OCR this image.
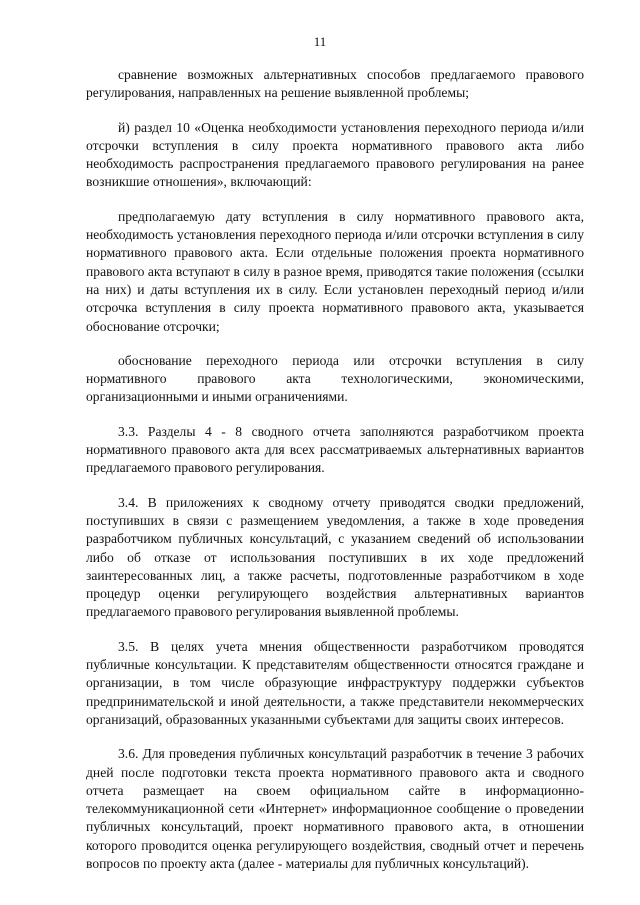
11

сравнение возможных альтернативных способов предлагаемого правового регулирования, направленных на решение выявленной проблемы;

й) раздел 10 «Оценка необходимости установления переходного периода и/или отсрочки вступления в силу проекта нормативного правового акта либо необходимость распространения предлагаемого правового регулирования на ранее возникшие отношения», включающий:

предполагаемую дату вступления в силу нормативного правового акта, необходимость установления переходного периода и/или отсрочки вступления в силу нормативного правового акта. Если отдельные положения проекта нормативного правового акта вступают в силу в разное время, приводятся такие положения (ссылки на них) и даты вступления их в силу. Если установлен переходный период и/или отсрочка вступления в силу проекта нормативного правового акта, указывается обоснование отсрочки;

обоснование переходного периода или отсрочки вступления в силу нормативного правового акта технологическими, экономическими, организационными и иными ограничениями.

3.3. Разделы 4 - 8 сводного отчета заполняются разработчиком проекта нормативного правового акта для всех рассматриваемых альтернативных вариантов предлагаемого правового регулирования.

3.4. В приложениях к сводному отчету приводятся сводки предложений, поступивших в связи с размещением уведомления, а также в ходе проведения разработчиком публичных консультаций, с указанием сведений об использовании либо об отказе от использования поступивших в их ходе предложений заинтересованных лиц, а также расчеты, подготовленные разработчиком в ходе процедур оценки регулирующего воздействия альтернативных вариантов предлагаемого правового регулирования выявленной проблемы.

3.5. В целях учета мнения общественности разработчиком проводятся публичные консультации. К представителям общественности относятся граждане и организации, в том числе образующие инфраструктуру поддержки субъектов предпринимательской и иной деятельности, а также представители некоммерческих организаций, образованных указанными субъектами для защиты своих интересов.

3.6. Для проведения публичных консультаций разработчик в течение 3 рабочих дней после подготовки текста проекта нормативного правового акта и сводного отчета размещает на своем официальном сайте в информационно-телекоммуникационной сети «Интернет» информационное сообщение о проведении публичных консультаций, проект нормативного правового акта, в отношении которого проводится оценка регулирующего воздействия, сводный отчет и перечень вопросов по проекту акта (далее - материалы для публичных консультаций).
